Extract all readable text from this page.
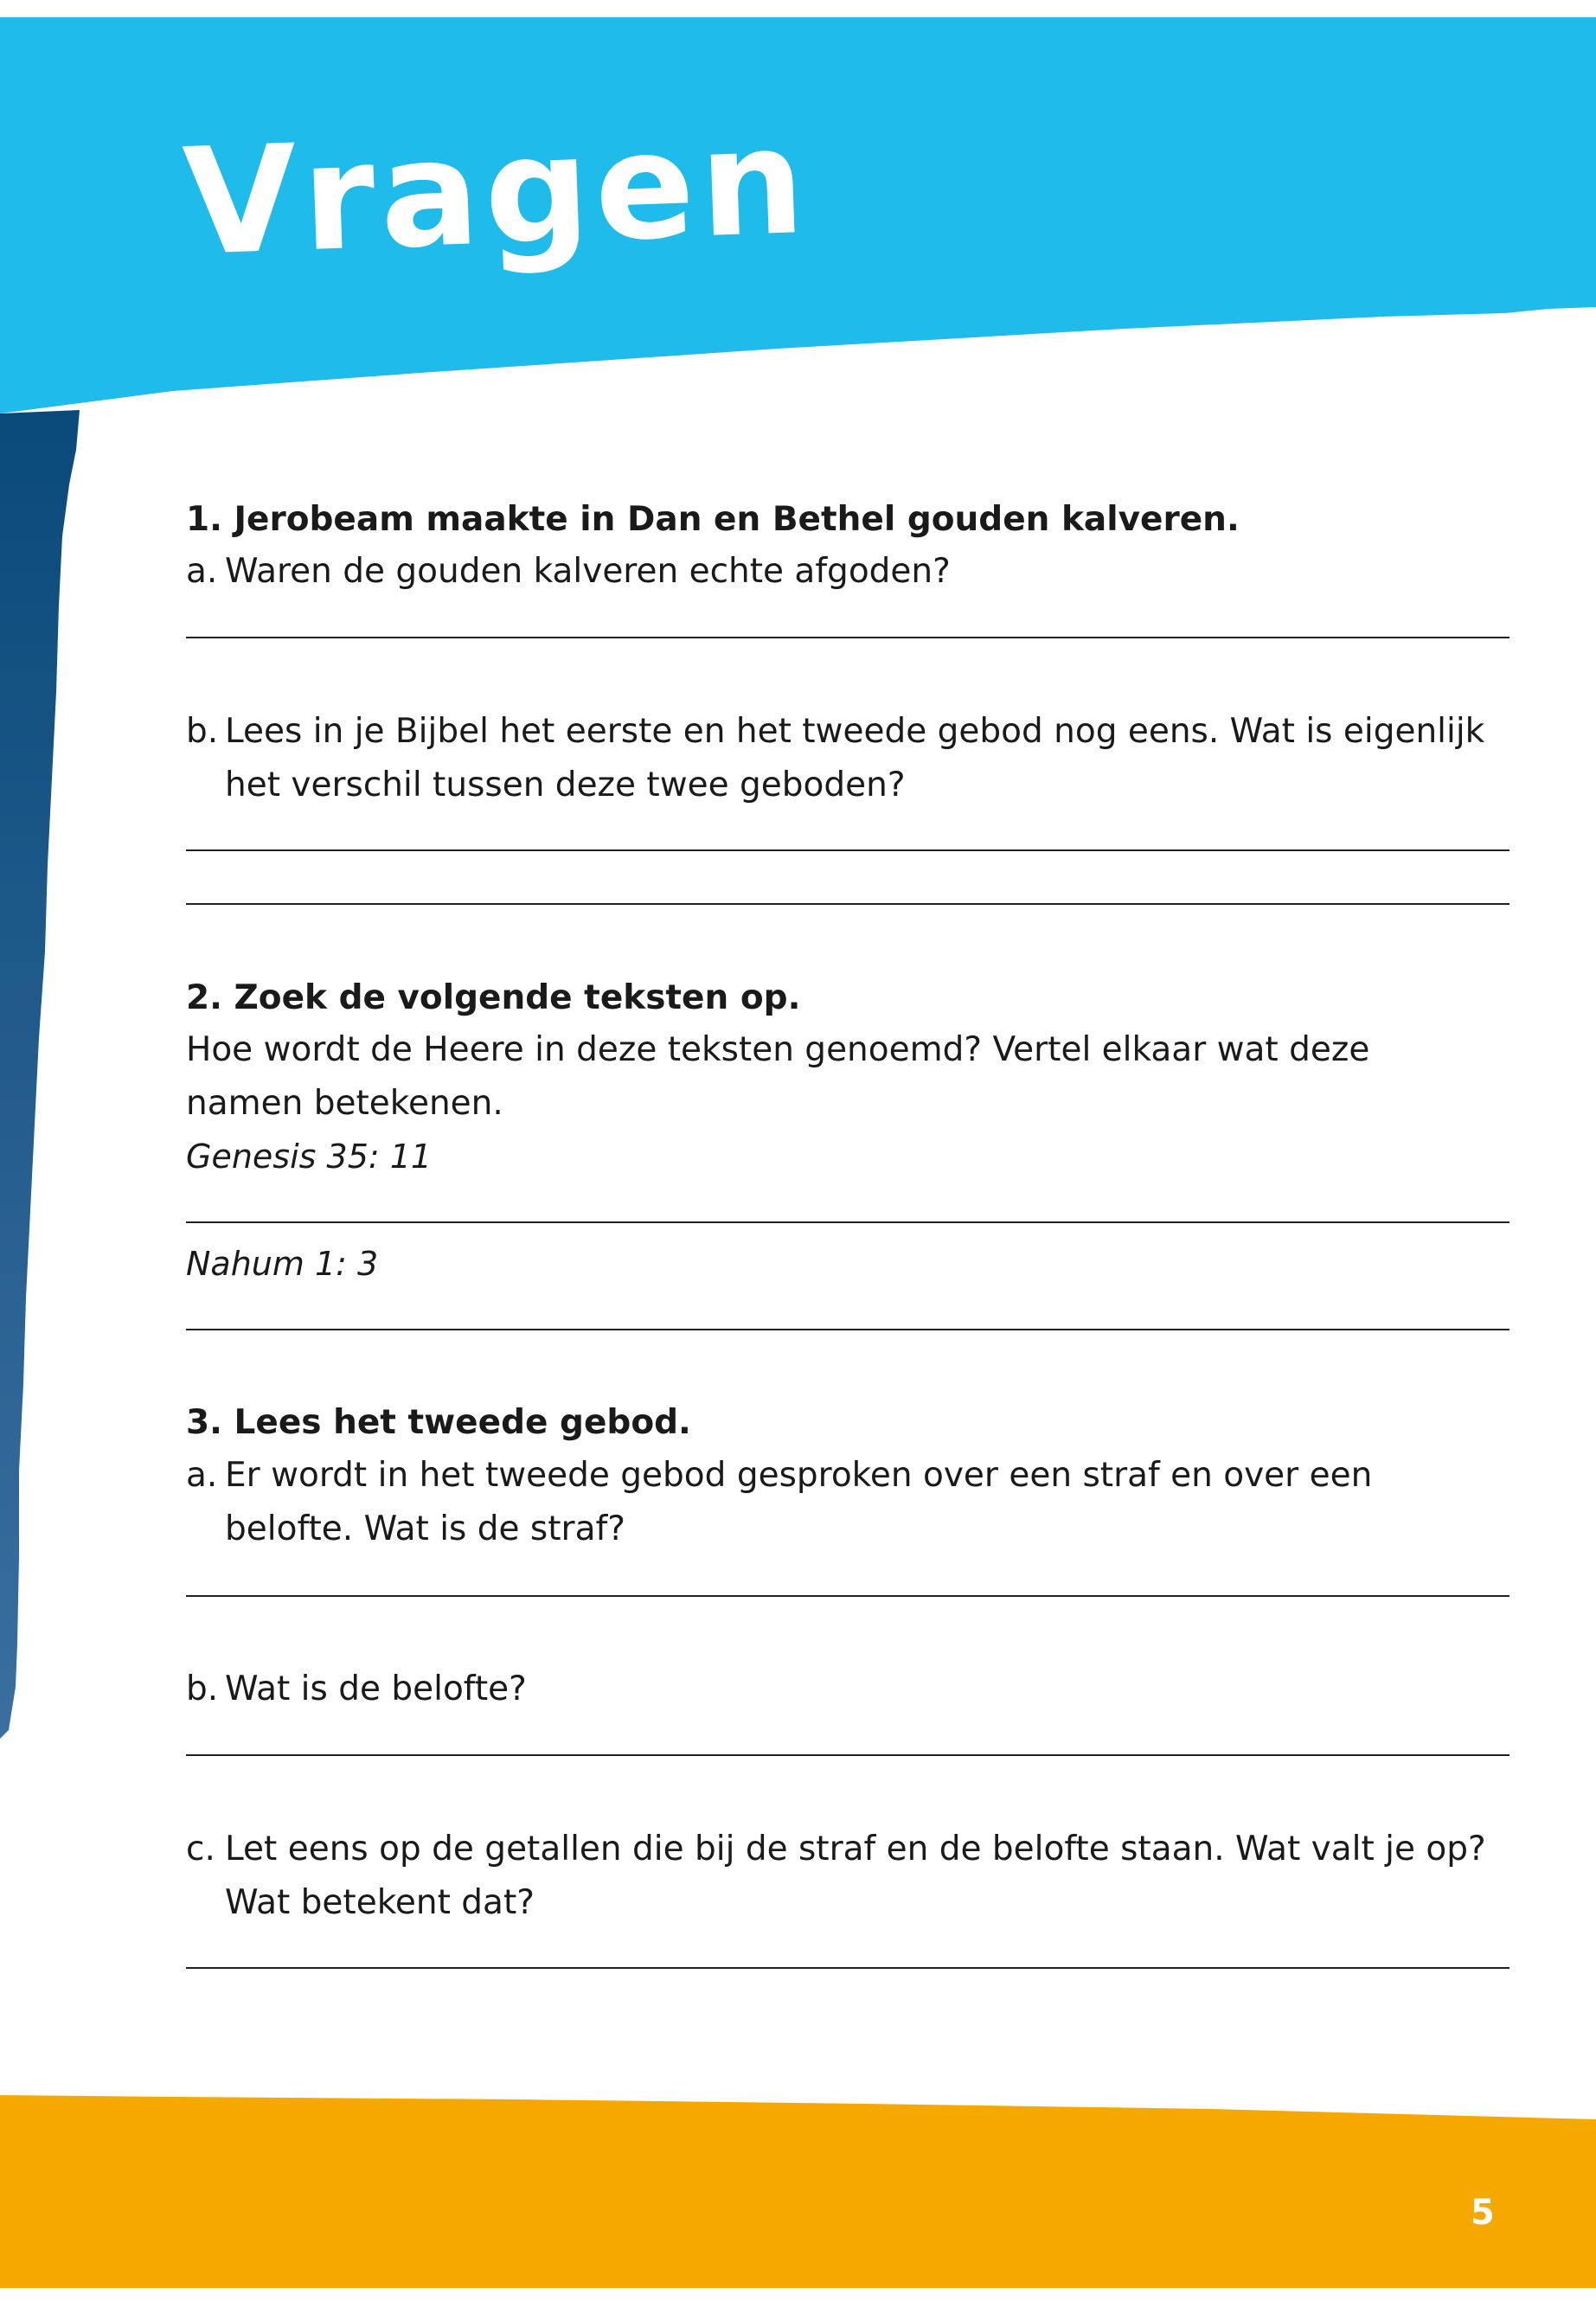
Vragen

1. Jerobeam maakte in Dan en Bethel gouden kalveren.

a. Waren de gouden kalveren echte afgoden?
b. Lees in je Bijbel het eerste en het tweede gebod nog eens. Wat is eigenlijk het verschil tussen deze twee geboden?

2. Zoek de volgende teksten op.

Hoe wordt de Heere in deze teksten genoemd? Vertel elkaar wat deze namen betekenen.

Genesis 35: 11

Nahum 1: 3

3. Lees het tweede gebod.

a. Er wordt in het tweede gebod gesproken over een straf en over een belofte. Wat is de straf?
b. Wat is de belofte?
c. Let eens op de getallen die bij de straf en de belofte staan. Wat valt je op? Wat betekent dat?

5
